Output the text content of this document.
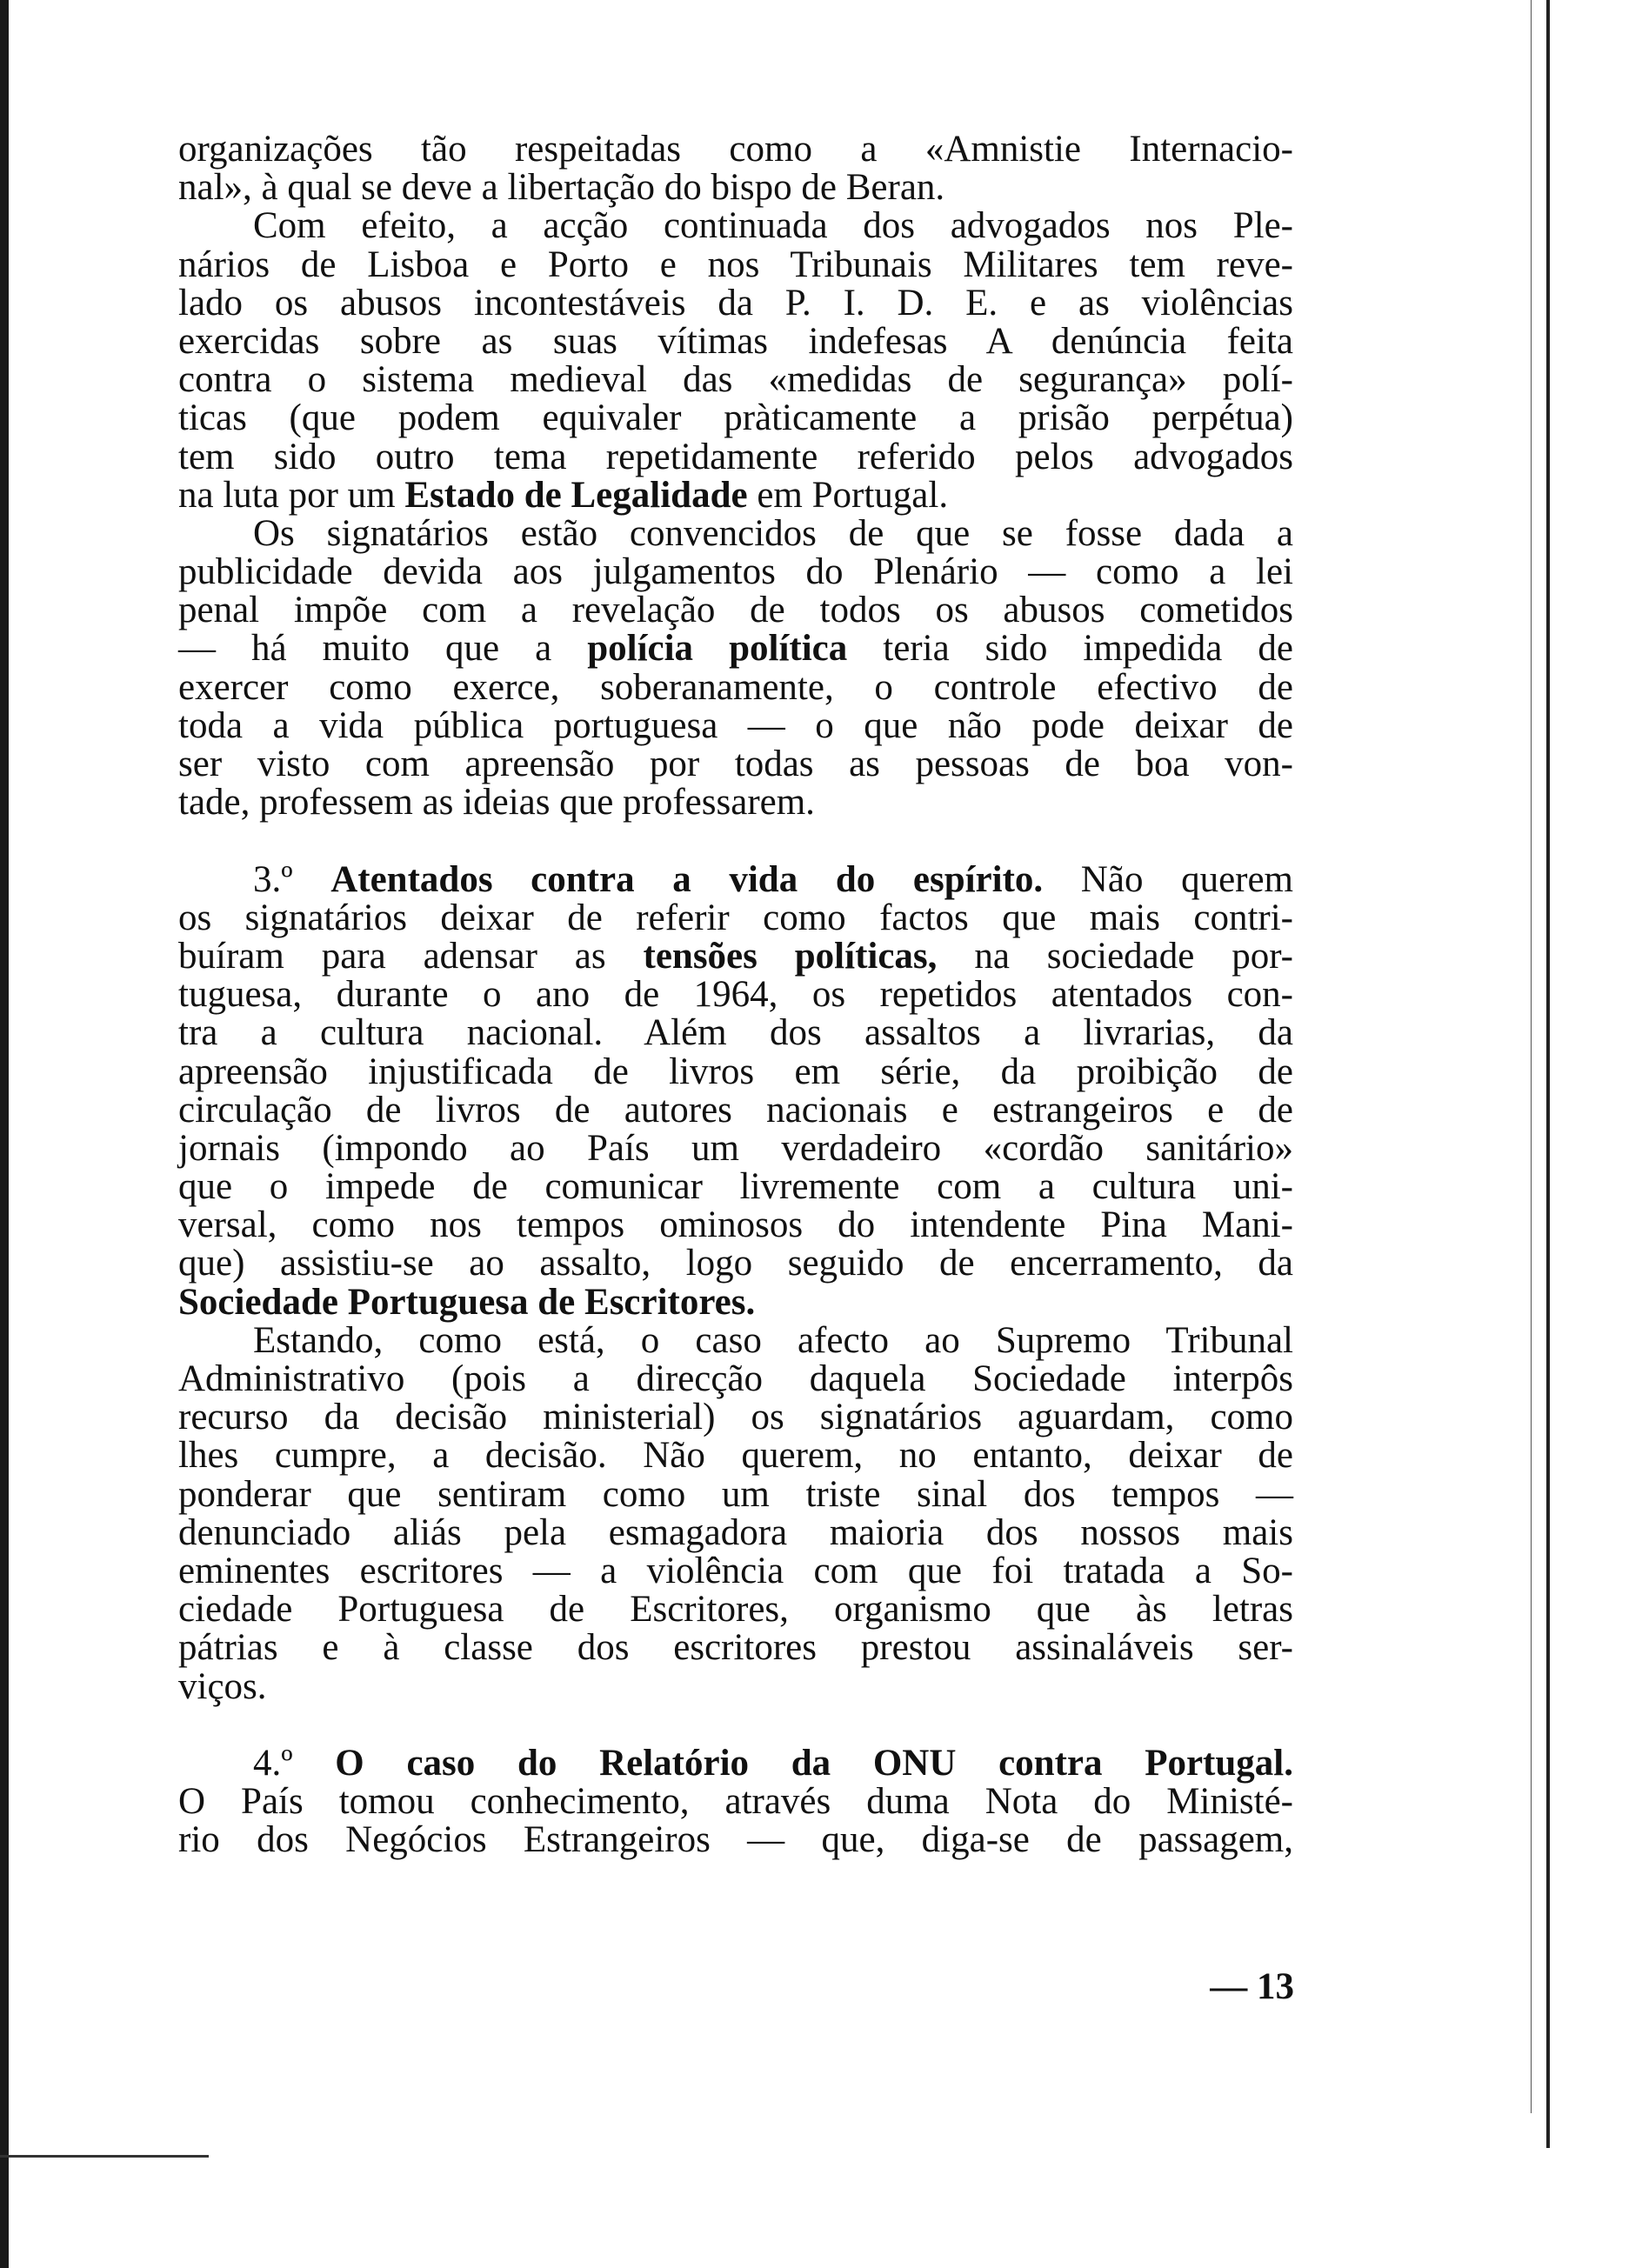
organizações tão respeitadas como a «Amnistie Internacio-
nal», à qual se deve a libertação do bispo de Beran.
Com efeito, a acção continuada dos advogados nos Ple-
nários de Lisboa e Porto e nos Tribunais Militares tem reve-
lado os abusos incontestáveis da P. I. D. E. e as violências
exercidas sobre as suas vítimas indefesas A denúncia feita
contra o sistema medieval das «medidas de segurança» polí-
ticas (que podem equivaler pràticamente a prisão perpétua)
tem sido outro tema repetidamente referido pelos advogados
na luta por um Estado de Legalidade em Portugal.
Os signatários estão convencidos de que se fosse dada a
publicidade devida aos julgamentos do Plenário — como a lei
penal impõe com a revelação de todos os abusos cometidos
— há muito que a polícia política teria sido impedida de
exercer como exerce, soberanamente, o controle efectivo de
toda a vida pública portuguesa — o que não pode deixar de
ser visto com apreensão por todas as pessoas de boa von-
tade, professem as ideias que professarem.
3.º Atentados contra a vida do espírito. Não querem
os signatários deixar de referir como factos que mais contri-
buíram para adensar as tensões políticas, na sociedade por-
tuguesa, durante o ano de 1964, os repetidos atentados con-
tra a cultura nacional. Além dos assaltos a livrarias, da
apreensão injustificada de livros em série, da proibição de
circulação de livros de autores nacionais e estrangeiros e de
jornais (impondo ao País um verdadeiro «cordão sanitário»
que o impede de comunicar livremente com a cultura uni-
versal, como nos tempos ominosos do intendente Pina Mani-
que) assistiu-se ao assalto, logo seguido de encerramento, da
Sociedade Portuguesa de Escritores.
Estando, como está, o caso afecto ao Supremo Tribunal
Administrativo (pois a direcção daquela Sociedade interpôs
recurso da decisão ministerial) os signatários aguardam, como
lhes cumpre, a decisão. Não querem, no entanto, deixar de
ponderar que sentiram como um triste sinal dos tempos —
denunciado aliás pela esmagadora maioria dos nossos mais
eminentes escritores — a violência com que foi tratada a So-
ciedade Portuguesa de Escritores, organismo que às letras
pátrias e à classe dos escritores prestou assinaláveis ser-
viços.
4.º O caso do Relatório da ONU contra Portugal.
O País tomou conhecimento, através duma Nota do Ministé-
rio dos Negócios Estrangeiros — que, diga-se de passagem,
— 13
